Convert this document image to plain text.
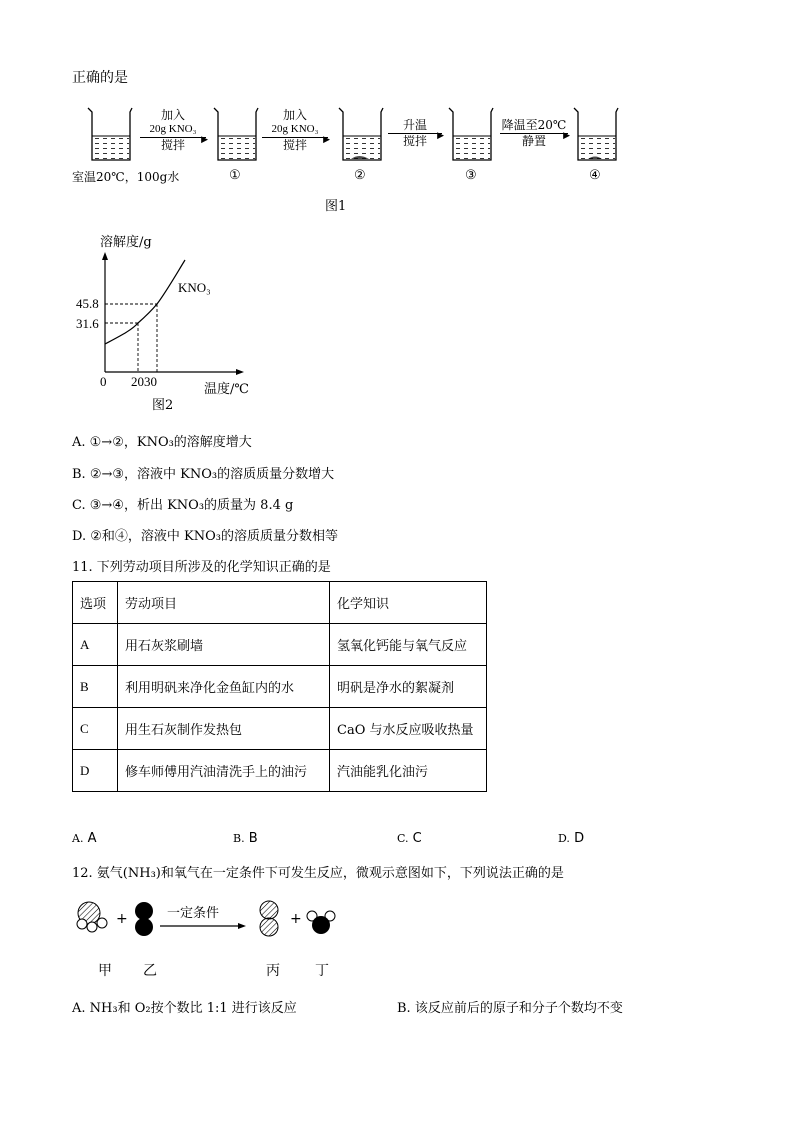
正确的是
加入
20g KNO₃
▶
搅拌
加入
20g KNO₃
▶
搅拌
升温
▶
搅拌
降温至20℃
▶
静置
室温20℃，100g水	①	②	③	④
图1
溶解度/g
KNO₃
45.8
31.6
0 2030
温度/℃
图2
A. ①→②，KNO₃的溶解度增大
B. ②→③，溶液中 KNO₃的溶质质量分数增大
C. ③→④，析出 KNO₃的质量为 8.4 g
D. ②和④，溶液中 KNO₃的溶质质量分数相等
11. 下列劳动项目所涉及的化学知识正确的是
选项	劳动项目	化学知识
A	用石灰浆刷墙	氢氧化钙能与氧气反应
B	利用明矾来净化金鱼缸内的水	明矾是净水的絮凝剂
C	用生石灰制作发热包	CaO 与水反应吸收热量
D	修车师傅用汽油清洗手上的油污	汽油能乳化油污
A. A	B. B	C. C	D. D
12. 氨气(NH₃)和氧气在一定条件下可发生反应，微观示意图如下，下列说法正确的是
+	+
一定条件
甲 乙	丙	丁
A. NH₃和 O₂按个数比 1:1 进行该反应	B. 该反应前后的原子和分子个数均不变
